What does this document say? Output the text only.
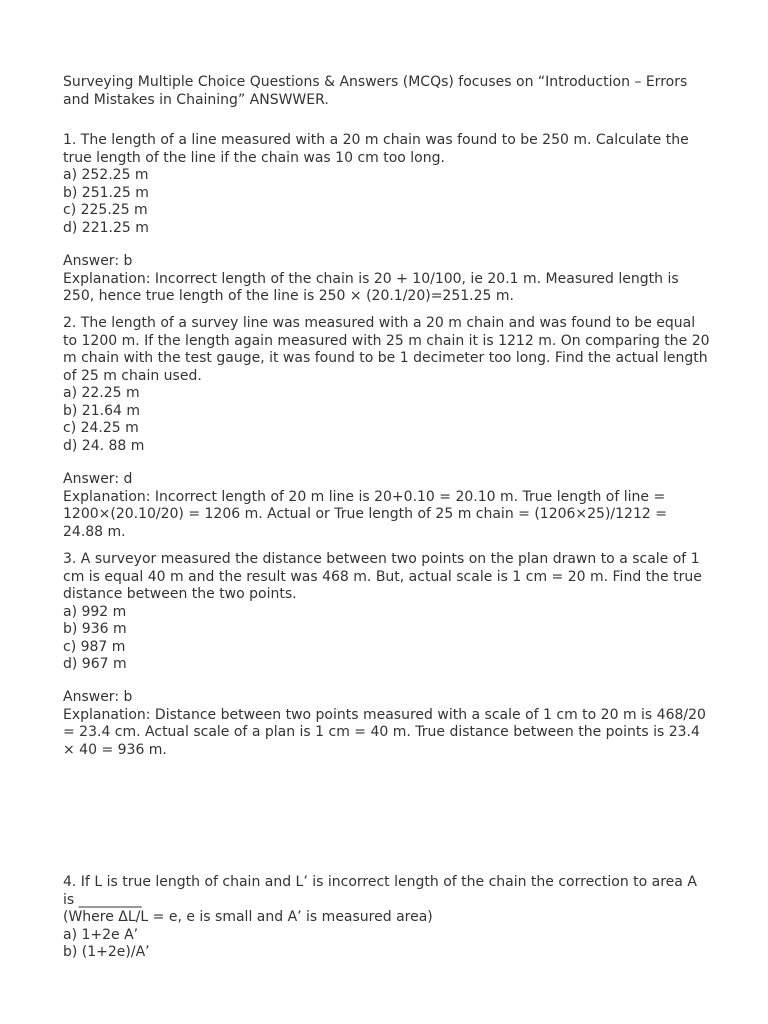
Surveying Multiple Choice Questions & Answers (MCQs) focuses on “Introduction – Errors
and Mistakes in Chaining” ANSWWER.
1. The length of a line measured with a 20 m chain was found to be 250 m. Calculate the
true length of the line if the chain was 10 cm too long.
a) 252.25 m
b) 251.25 m
c) 225.25 m
d) 221.25 m
Answer: b
Explanation: Incorrect length of the chain is 20 + 10/100, ie 20.1 m. Measured length is
250, hence true length of the line is 250 × (20.1/20)=251.25 m.
2. The length of a survey line was measured with a 20 m chain and was found to be equal
to 1200 m. If the length again measured with 25 m chain it is 1212 m. On comparing the 20
m chain with the test gauge, it was found to be 1 decimeter too long. Find the actual length
of 25 m chain used.
a) 22.25 m
b) 21.64 m
c) 24.25 m
d) 24. 88 m
Answer: d
Explanation: Incorrect length of 20 m line is 20+0.10 = 20.10 m. True length of line =
1200×(20.10/20) = 1206 m. Actual or True length of 25 m chain = (1206×25)/1212 =
24.88 m.
3. A surveyor measured the distance between two points on the plan drawn to a scale of 1
cm is equal 40 m and the result was 468 m. But, actual scale is 1 cm = 20 m. Find the true
distance between the two points.
a) 992 m
b) 936 m
c) 987 m
d) 967 m
Answer: b
Explanation: Distance between two points measured with a scale of 1 cm to 20 m is 468/20
= 23.4 cm. Actual scale of a plan is 1 cm = 40 m. True distance between the points is 23.4
× 40 = 936 m.
4. If L is true length of chain and L’ is incorrect length of the chain the correction to area A
is _________
(Where ΔL/L = e, e is small and A’ is measured area)
a) 1+2e A’
b) (1+2e)/A’
